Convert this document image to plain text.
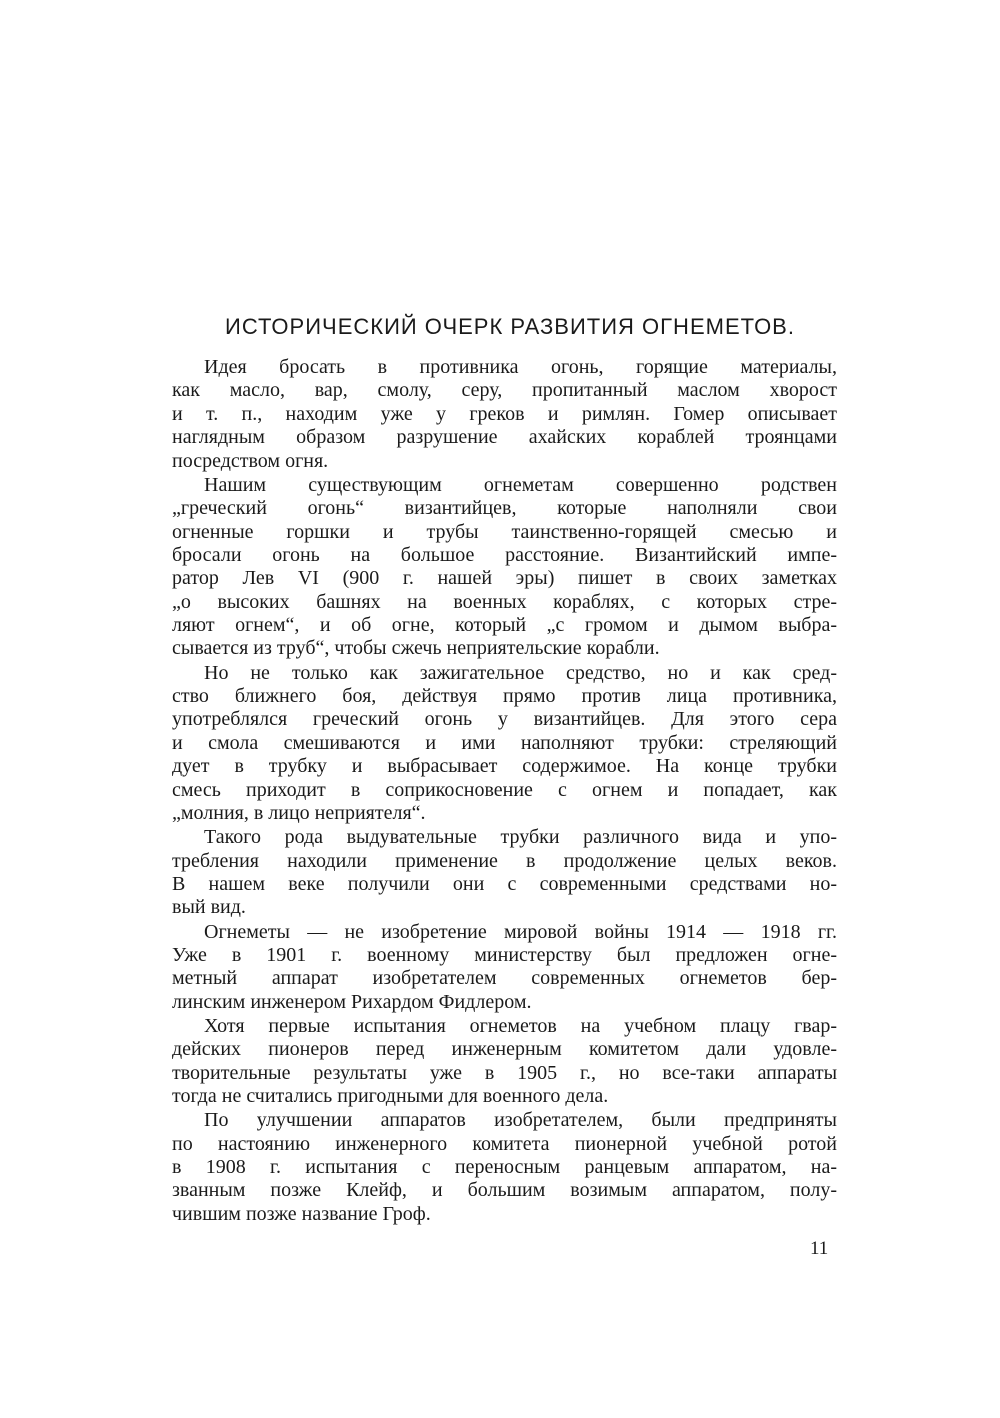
ИСТОРИЧЕСКИЙ ОЧЕРК РАЗВИТИЯ ОГНЕМЕТОВ.

Идея бросать в противника огонь, горящие материалы,
как масло, вар, смолу, серу, пропитанный маслом хворост
и т. п., находим уже у греков и римлян. Гомер описывает
наглядным образом разрушение ахайских кораблей троянцами
посредством огня.

Нашим существующим огнеметам совершенно родствен
„греческий огонь“ византийцев, которые наполняли свои
огненные горшки и трубы таинственно-горящей смесью и
бросали огонь на большое расстояние. Византийский импе-
ратор Лев VI (900 г. нашей эры) пишет в своих заметках
„о высоких башнях на военных кораблях, с которых стре-
ляют огнем“, и об огне, который „с громом и дымом выбра-
сывается из труб“, чтобы сжечь неприятельские корабли.

Но не только как зажигательное средство, но и как сред-
ство ближнего боя, действуя прямо против лица противника,
употреблялся греческий огонь у византийцев. Для этого сера
и смола смешиваются и ими наполняют трубки: стреляющий
дует в трубку и выбрасывает содержимое. На конце трубки
смесь приходит в соприкосновение с огнем и попадает, как
„молния, в лицо неприятеля“.

Такого рода выдувательные трубки различного вида и упо-
требления находили применение в продолжение целых веков.
В нашем веке получили они с современными средствами но-
вый вид.

Огнеметы — не изобретение мировой войны 1914 — 1918 гг.
Уже в 1901 г. военному министерству был предложен огне-
метный аппарат изобретателем современных огнеметов бер-
линским инженером Рихардом Фидлером.

Хотя первые испытания огнеметов на учебном плацу гвар-
дейских пионеров перед инженерным комитетом дали удовле-
творительные результаты уже в 1905 г., но все-таки аппараты
тогда не считались пригодными для военного дела.

По улучшении аппаратов изобретателем, были предприняты
по настоянию инженерного комитета пионерной учебной ротой
в 1908 г. испытания с переносным ранцевым аппаратом, на-
званным позже Клейф, и большим возимым аппаратом, полу-
чившим позже название Гроф.

11
